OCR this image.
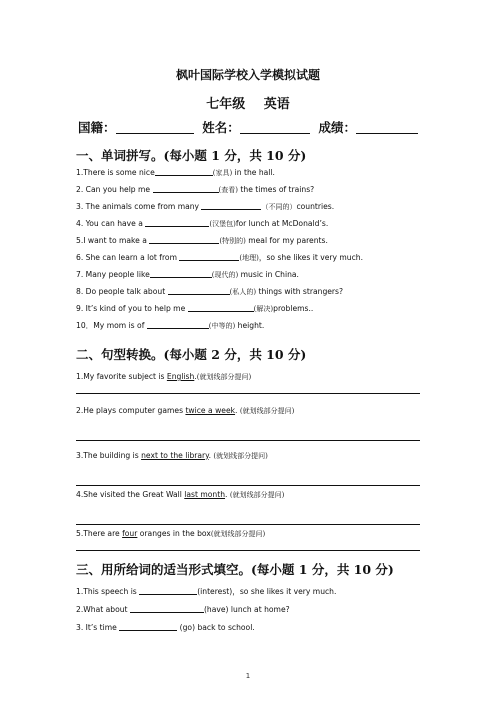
枫叶国际学校入学模拟试题
七年级 英语
国籍：	姓名：	成绩：
一、单词拼写。(每小题 1 分，共 10 分)
1.There is some nice	(家具) in the hall.
2. Can you help me	(查看) the times of trains?
3. The animals come from many	（不同的）countries.
4. You can have a	(汉堡包)for lunch at McDonald’s.
5.I want to make a	(特别的) meal for my parents.
6. She can learn a lot from	(地理)，so she likes it very much.
7. Many people like	(现代的) music in China.
8. Do people talk about	(私人的) things with strangers?
9. It’s kind of you to help me	(解决)problems..
10．My mom is of	(中等的) height.
二、句型转换。(每小题 2 分，共 10 分)
1.My favorite subject is English.(就划线部分提问)
2.He plays computer games twice a week. (就划线部分提问)
3.The building is next to the library. (就划线部分提问)
4.She visited the Great Wall last month. (就划线部分提问)
5.There are four oranges in the box(就划线部分提问)
三、用所给词的适当形式填空。(每小题 1 分，共 10 分)
1.This speech is	(interest)，so she likes it very much.
2.What about	(have) lunch at home?
3. It’s time	(go) back to school.
1
